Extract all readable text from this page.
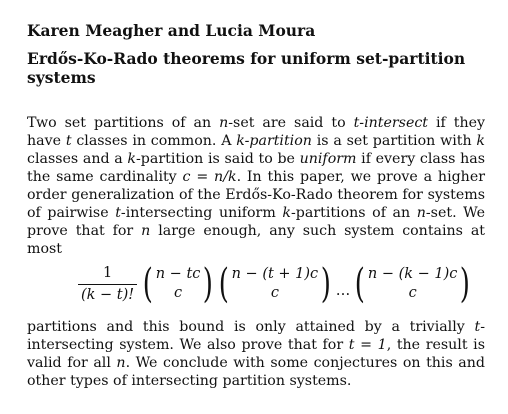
Karen Meagher and Lucia Moura
Erdős-Ko-Rado theorems for uniform set-partition systems

Two set partitions of an n-set are said to t-intersect if they have t classes in common. A k-partition is a set partition with k classes and a k-partition is said to be uniform if every class has the same cardinality c = n/k. In this paper, we prove a higher order generalization of the Erdős-Ko-Rado theorem for systems of pairwise t-intersecting uniform k-partitions of an n-set. We prove that for n large enough, any such system contains at most

$\frac{1}{(k - t)!}$ ( n − tc
c ) ( n − (t + 1)c
c ) … ( n − (k − 1)c
c )

partitions and this bound is only attained by a trivially t-intersecting system. We also prove that for t = 1, the result is valid for all n. We conclude with some conjectures on this and other types of intersecting partition systems.
